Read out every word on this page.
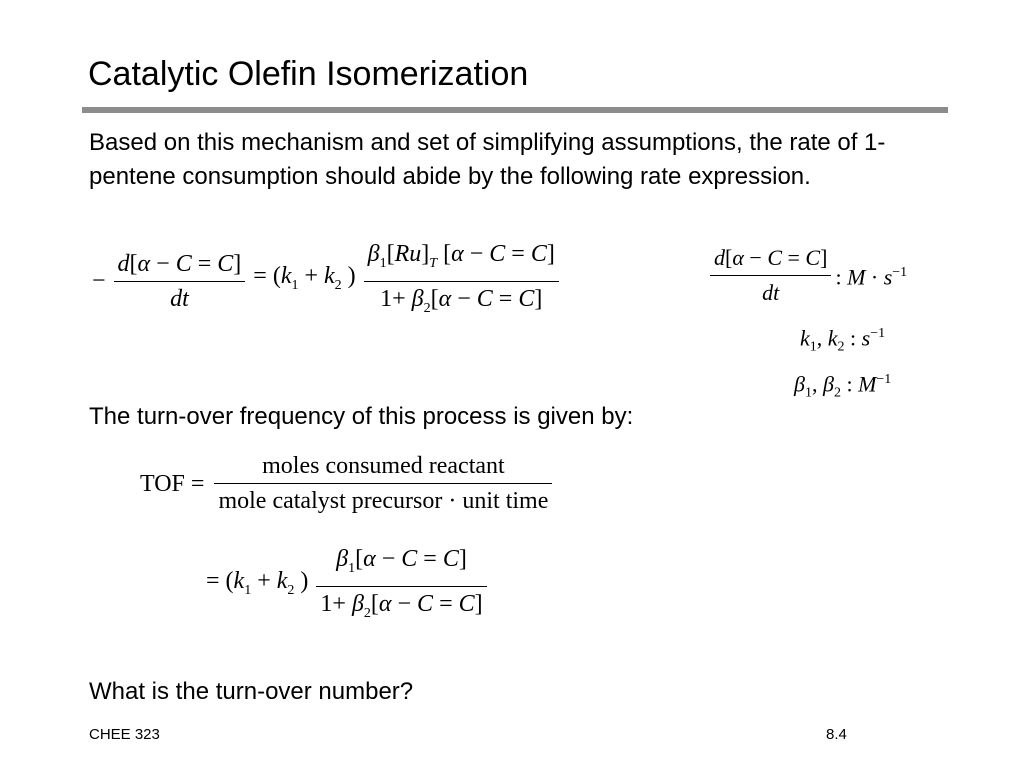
Catalytic Olefin Isomerization
Based on this mechanism and set of simplifying assumptions, the rate of 1-pentene consumption should abide by the following rate expression.
− $\frac{d[\alpha - C = C]}{dt} = (k_1 + k_2$ ) $\frac{\beta_1[Ru]_T [\alpha - C = C]}{1+ \beta_2[\alpha - C = C]}$	$\frac{d[\alpha - C = C]}{dt}$ : $M \cdot s^{-1}$
$k_1$, $k_2$ : $s^{-1}$
$\beta_1$, $\beta_2$ : $M^{-1}$
The turn-over frequency of this process is given by:
TOF = $\frac{\text{moles consumed reactant}}{\text{mole catalyst precursor · unit time}}$
= ($k_1 + k_2$ ) $\frac{\beta_1[\alpha - C = C]}{1+ \beta_2[\alpha - C = C]}$
What is the turn-over number?
CHEE 323	8.4
